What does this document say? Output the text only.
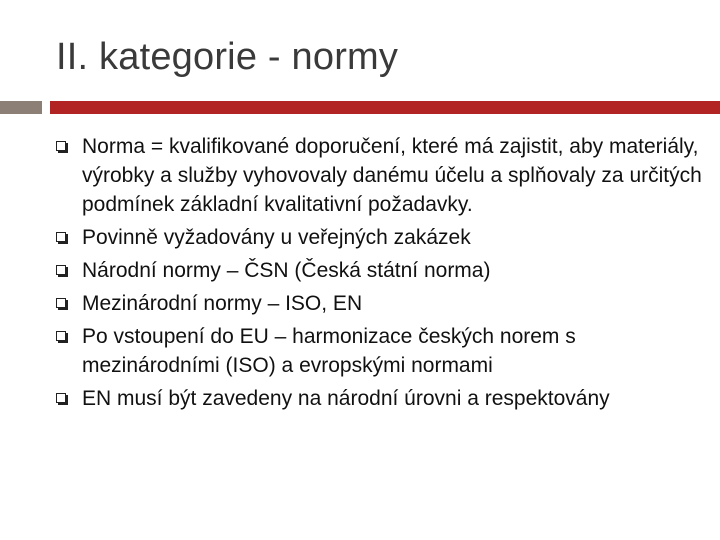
II. kategorie - normy
Norma = kvalifikované doporučení, které má zajistit, aby materiály, výrobky a služby vyhovovaly danému účelu a splňovaly za určitých podmínek základní kvalitativní požadavky.
Povinně vyžadovány u veřejných zakázek
Národní normy – ČSN (Česká státní norma)
Mezinárodní normy – ISO, EN
Po vstoupení do EU – harmonizace českých norem s mezinárodními (ISO) a evropskými normami
EN musí být zavedeny na národní úrovni a respektovány
